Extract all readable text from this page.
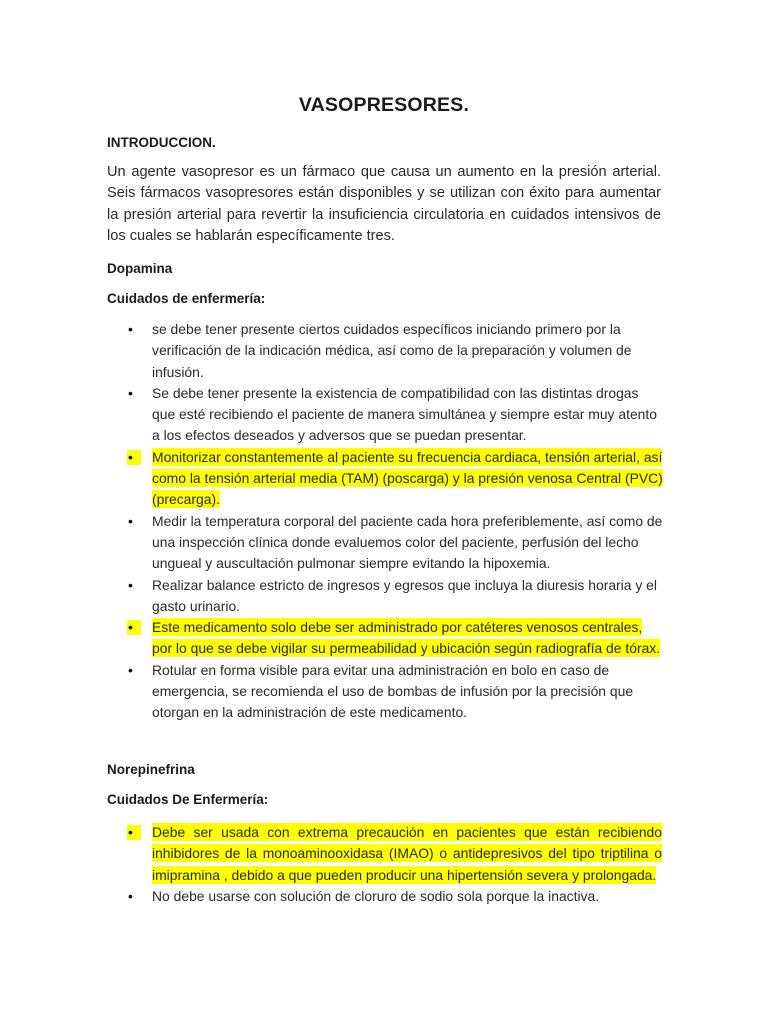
VASOPRESORES.
INTRODUCCION.

Un agente vasopresor es un fármaco que causa un aumento en la presión arterial. Seis fármacos vasopresores están disponibles y se utilizan con éxito para aumentar la presión arterial para revertir la insuficiencia circulatoria en cuidados intensivos de los cuales se hablarán específicamente tres.

Dopamina
Cuidados de enfermería:
• se debe tener presente ciertos cuidados específicos iniciando primero por la verificación de la indicación médica, así como de la preparación y volumen de infusión.
• Se debe tener presente la existencia de compatibilidad con las distintas drogas que esté recibiendo el paciente de manera simultánea y siempre estar muy atento a los efectos deseados y adversos que se puedan presentar.
• Monitorizar constantemente al paciente su frecuencia cardiaca, tensión arterial, así como la tensión arterial media (TAM) (poscarga) y la presión venosa Central (PVC) (precarga).
• Medir la temperatura corporal del paciente cada hora preferiblemente, así como de una inspección clínica donde evaluemos color del paciente, perfusión del lecho ungueal y auscultación pulmonar siempre evitando la hipoxemia.
• Realizar balance estricto de ingresos y egresos que incluya la diuresis horaria y el gasto urinario.
• Este medicamento solo debe ser administrado por catéteres venosos centrales, por lo que se debe vigilar su permeabilidad y ubicación según radiografía de tórax.
• Rotular en forma visible para evitar una administración en bolo en caso de emergencia, se recomienda el uso de bombas de infusión por la precisión que otorgan en la administración de este medicamento.
Norepinefrina
Cuidados De Enfermería:
• Debe ser usada con extrema precaución en pacientes que están recibiendo inhibidores de la monoaminooxidasa (IMAO) o antidepresivos del tipo triptilina o imipramina , debido a que pueden producir una hipertensión severa y prolongada.
• No debe usarse con solución de cloruro de sodio sola porque la inactiva.
